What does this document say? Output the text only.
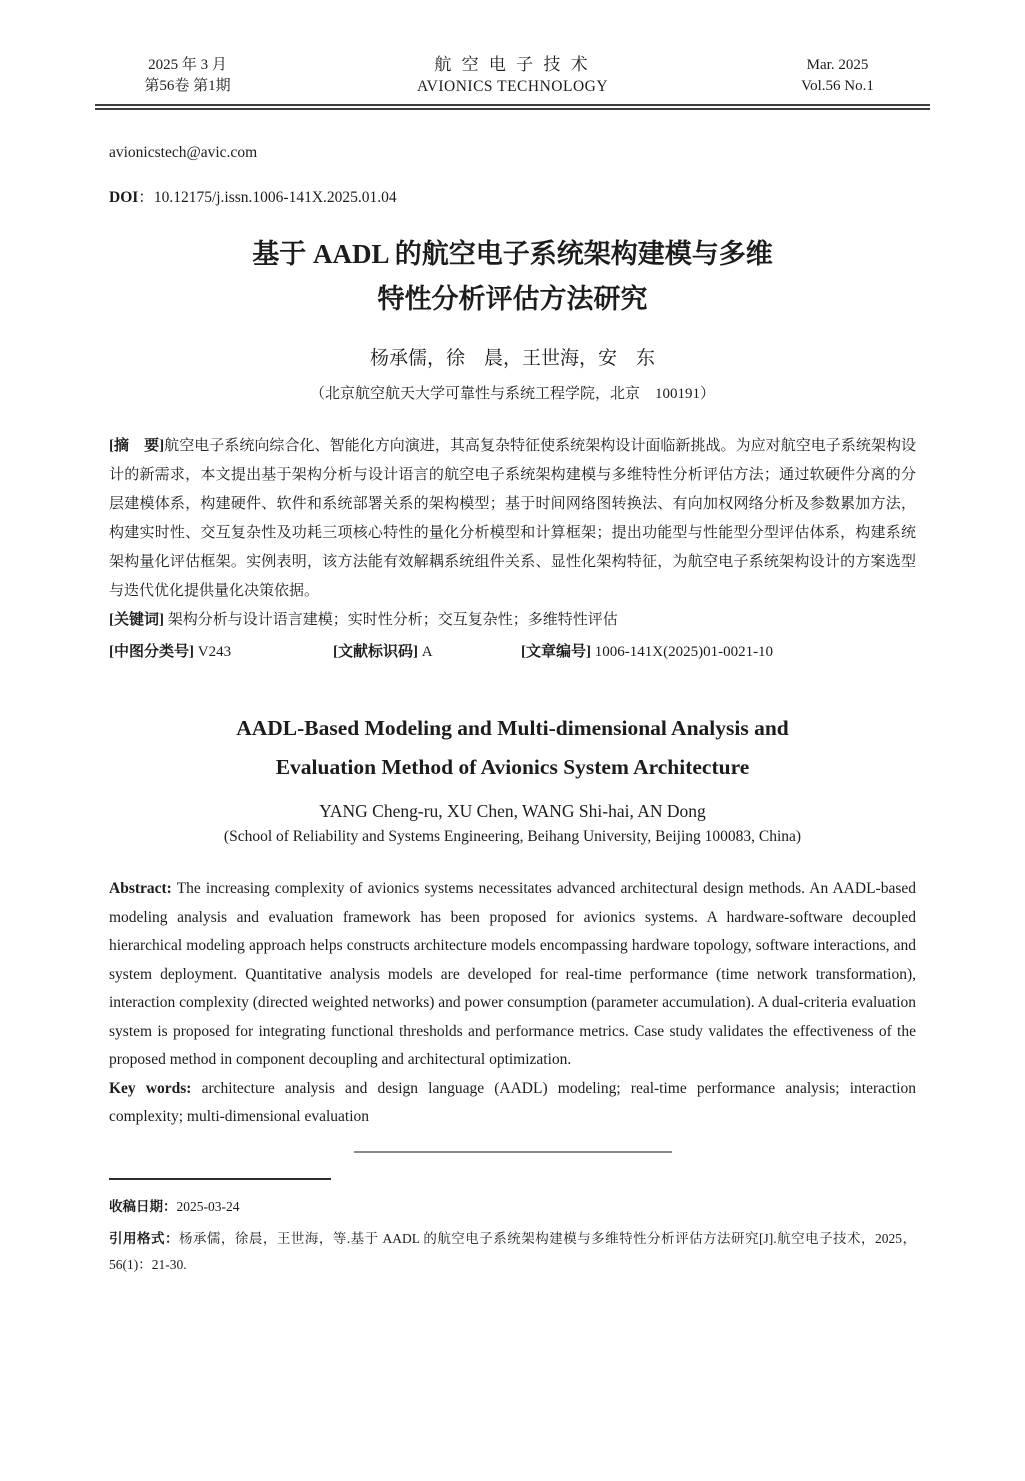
2025 年 3 月
第56卷 第1期
航 空 电 子 技 术
AVIONICS TECHNOLOGY
Mar. 2025
Vol.56 No.1

avionicstech@avic.com

DOI：10.12175/j.issn.1006-141X.2025.01.04

基于 AADL 的航空电子系统架构建模与多维
特性分析评估方法研究

杨承儒，徐　晨，王世海，安　东

（北京航空航天大学可靠性与系统工程学院，北京　100191）

[摘　要]航空电子系统向综合化、智能化方向演进，其高复杂特征使系统架构设计面临新挑战。为应对航空电子系统架构设计的新需求，本文提出基于架构分析与设计语言的航空电子系统架构建模与多维特性分析评估方法；通过软硬件分离的分层建模体系，构建硬件、软件和系统部署关系的架构模型；基于时间网络图转换法、有向加权网络分析及参数累加方法，构建实时性、交互复杂性及功耗三项核心特性的量化分析模型和计算框架；提出功能型与性能型分型评估体系，构建系统架构量化评估框架。实例表明，该方法能有效解耦系统组件关系、显性化架构特征，为航空电子系统架构设计的方案选型与迭代优化提供量化决策依据。

[关键词] 架构分析与设计语言建模；实时性分析；交互复杂性；多维特性评估

[中图分类号] V243	[文献标识码] A	[文章编号] 1006-141X(2025)01-0021-10
AADL-Based Modeling and Multi-dimensional Analysis and
Evaluation Method of Avionics System Architecture

YANG Cheng-ru, XU Chen, WANG Shi-hai, AN Dong

(School of Reliability and Systems Engineering, Beihang University, Beijing 100083, China)

Abstract: The increasing complexity of avionics systems necessitates advanced architectural design methods. An AADL-based modeling analysis and evaluation framework has been proposed for avionics systems. A hardware-software decoupled hierarchical modeling approach helps constructs architecture models encompassing hardware topology, software interactions, and system deployment. Quantitative analysis models are developed for real-time performance (time network transformation), interaction complexity (directed weighted networks) and power consumption (parameter accumulation). A dual-criteria evaluation system is proposed for integrating functional thresholds and performance metrics. Case study validates the effectiveness of the proposed method in component decoupling and architectural optimization.

Key words: architecture analysis and design language (AADL) modeling; real-time performance analysis; interaction complexity; multi-dimensional evaluation

收稿日期：2025-03-24

引用格式：杨承儒，徐晨，王世海，等.基于 AADL 的航空电子系统架构建模与多维特性分析评估方法研究[J].航空电子技术，2025，56(1)：21-30.
